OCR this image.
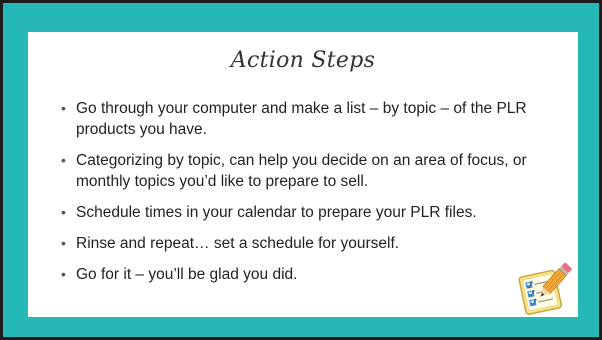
Action Steps
• Go through your computer and make a list – by topic – of the PLR products you have.
• Categorizing by topic, can help you decide on an area of focus, or monthly topics you’d like to prepare to sell.
• Schedule times in your calendar to prepare your PLR files.
• Rinse and repeat… set a schedule for yourself.
• Go for it – you’ll be glad you did.
